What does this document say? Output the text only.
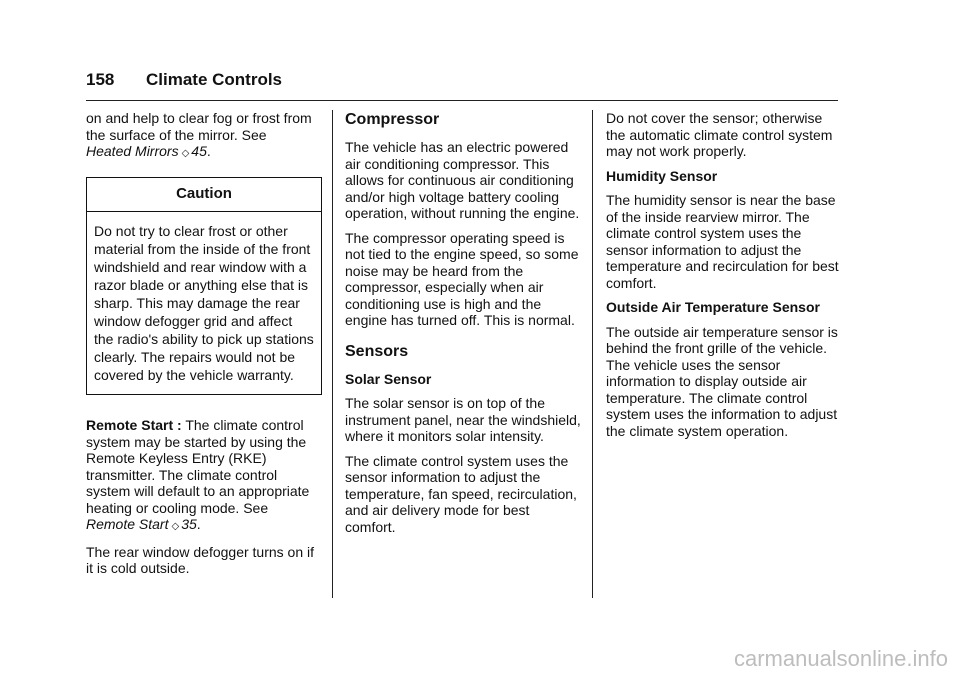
158 Climate Controls

on and help to clear fog or frost from the surface of the mirror. See
Heated Mirrors ◇ 45.

Caution
Do not try to clear frost or other material from the inside of the front windshield and rear window with a razor blade or anything else that is sharp. This may damage the rear window defogger grid and affect the radio's ability to pick up stations clearly. The repairs would not be covered by the vehicle warranty.

Remote Start : The climate control system may be started by using the Remote Keyless Entry (RKE) transmitter. The climate control system will default to an appropriate heating or cooling mode. See
Remote Start ◇ 35.

The rear window defogger turns on if it is cold outside.

Compressor

The vehicle has an electric powered air conditioning compressor. This allows for continuous air conditioning and/or high voltage battery cooling operation, without running the engine.

The compressor operating speed is not tied to the engine speed, so some noise may be heard from the compressor, especially when air conditioning use is high and the engine has turned off. This is normal.

Sensors
Solar Sensor

The solar sensor is on top of the instrument panel, near the windshield, where it monitors solar intensity.

The climate control system uses the sensor information to adjust the temperature, fan speed, recirculation, and air delivery mode for best comfort.

Do not cover the sensor; otherwise the automatic climate control system may not work properly.

Humidity Sensor

The humidity sensor is near the base of the inside rearview mirror. The climate control system uses the sensor information to adjust the temperature and recirculation for best comfort.

Outside Air Temperature Sensor

The outside air temperature sensor is behind the front grille of the vehicle. The vehicle uses the sensor information to display outside air temperature. The climate control system uses the information to adjust the climate system operation.

carmanualsonline.info
